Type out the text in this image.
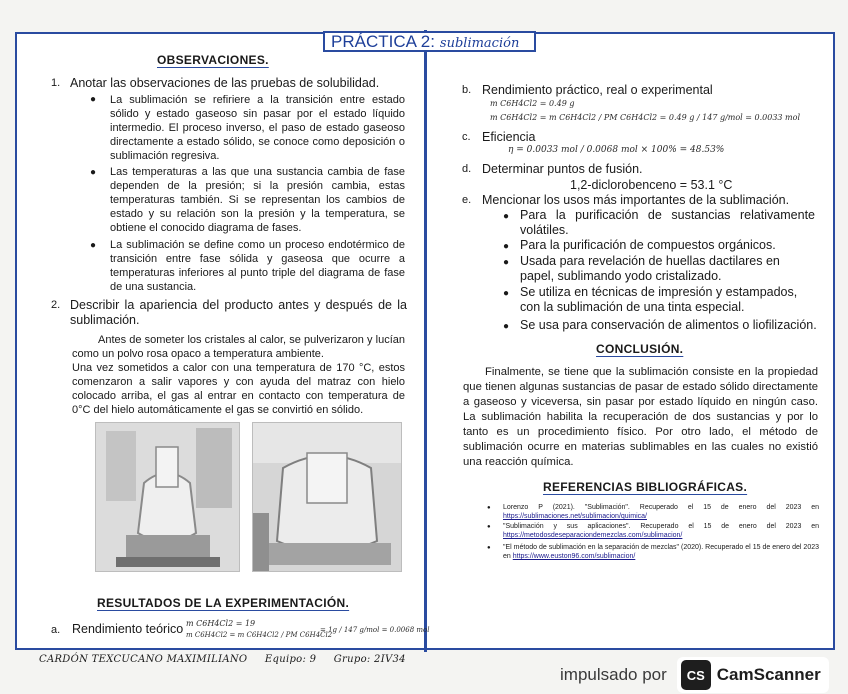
PRÁCTICA 2: sublimación
OBSERVACIONES.
1. Anotar las observaciones de las pruebas de solubilidad.
● La sublimación se refiriere a la transición entre estado sólido y estado gaseoso sin pasar por el estado líquido intermedio. El proceso inverso, el paso de estado gaseoso directamente a estado sólido, se conoce como deposición o sublimación regresiva.
● Las temperaturas a las que una sustancia cambia de fase dependen de la presión; si la presión cambia, estas temperaturas también. Si se representan los cambios de estado y su relación son la presión y la temperatura, se obtiene el conocido diagrama de fases.
● La sublimación se define como un proceso endotérmico de transición entre fase sólida y gaseosa que ocurre a temperaturas inferiores al punto triple del diagrama de fase de una sustancia.
2. Describir la apariencia del producto antes y después de la sublimación.
Antes de someter los cristales al calor, se pulverizaron y lucían como un polvo rosa opaco a temperatura ambiente.
Una vez sometidos a calor con una temperatura de 170 °C, estos comenzaron a salir vapores y con ayuda del matraz con hielo colocado arriba, el gas al entrar en contacto con temperatura de 0°C del hielo automáticamente el gas se convirtió en sólido.
RESULTADOS DE LA EXPERIMENTACIÓN.
a. Rendimiento teórico m C6H4Cl2 = 19
m C6H4Cl2 = m C6H4Cl2 / PM C6H4Cl2
= 1g / 147 g/mol = 0.0068 mol
b. Rendimiento práctico, real o experimental
m C6H4Cl2 = 0.49 g
m C6H4Cl2 = m C6H4Cl2 / PM C6H4Cl2 = 0.49 g / 147 g/mol = 0.0033 mol
c. Eficiencia
η = 0.0033 mol / 0.0068 mol × 100% = 48.53%
d. Determinar puntos de fusión.
1,2-diclorobenceno = 53.1 °C
e. Mencionar los usos más importantes de la sublimación.
● Para la purificación de sustancias relativamente volátiles.
● Para la purificación de compuestos orgánicos.
● Usada para revelación de huellas dactilares en papel, sublimando yodo cristalizado.
● Se utiliza en técnicas de impresión y estampados, con la sublimación de una tinta especial.
● Se usa para conservación de alimentos o liofilización.
CONCLUSIÓN.
Finalmente, se tiene que la sublimación consiste en la propiedad que tienen algunas sustancias de pasar de estado sólido directamente a gaseoso y viceversa, sin pasar por estado líquido en ningún caso. La sublimación habilita la recuperación de dos sustancias y por lo tanto es un procedimiento físico. Por otro lado, el método de sublimación ocurre en materias sublimables en las cuales no existió una reacción química.
REFERENCIAS BIBLIOGRÁFICAS.
● Lorenzo P (2021). "Sublimación". Recuperado el 15 de enero del 2023 en https://sublimaciones.net/sublimacion/quimica/
● "Sublimación y sus aplicaciones". Recuperado el 15 de enero del 2023 en https://metodosdeseparaciondemezclas.com/sublimacion/
● "El método de sublimación en la separación de mezclas" (2020). Recuperado el 15 de enero del 2023 en https://www.euston96.com/sublimacion/
CARDÓN TEXCUCANO MAXIMILIANO Equipo: 9 Grupo: 2IV34
impulsado por	CS CamScanner
